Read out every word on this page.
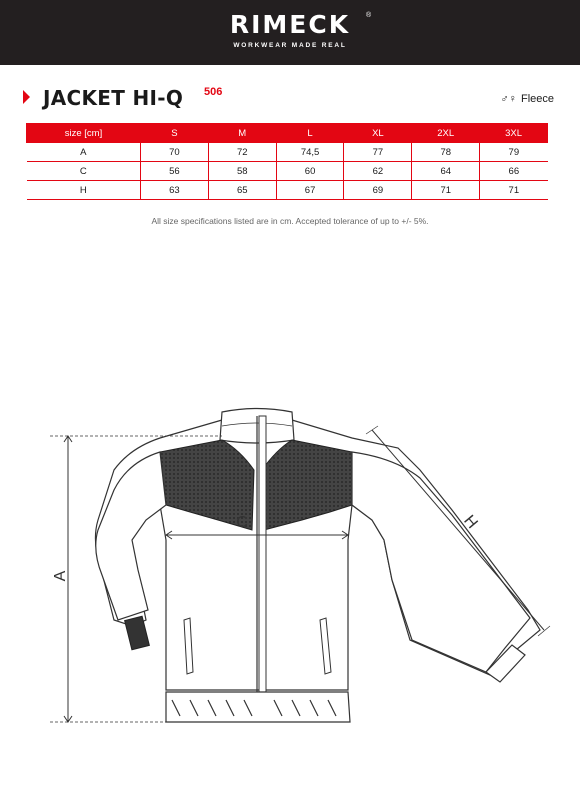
RIMECK	®
WORKWEAR MADE REAL
JACKET HI-Q 506
♂♀ Fleece
size [cm]	S	M	L	XL	2XL	3XL
A	70	72	74,5	77	78	79
C	56	58	60	62	64	66
H	63	65	67	69	71	71
All size specifications listed are in cm. Accepted tolerance of up to +/- 5%.
A
C	H
